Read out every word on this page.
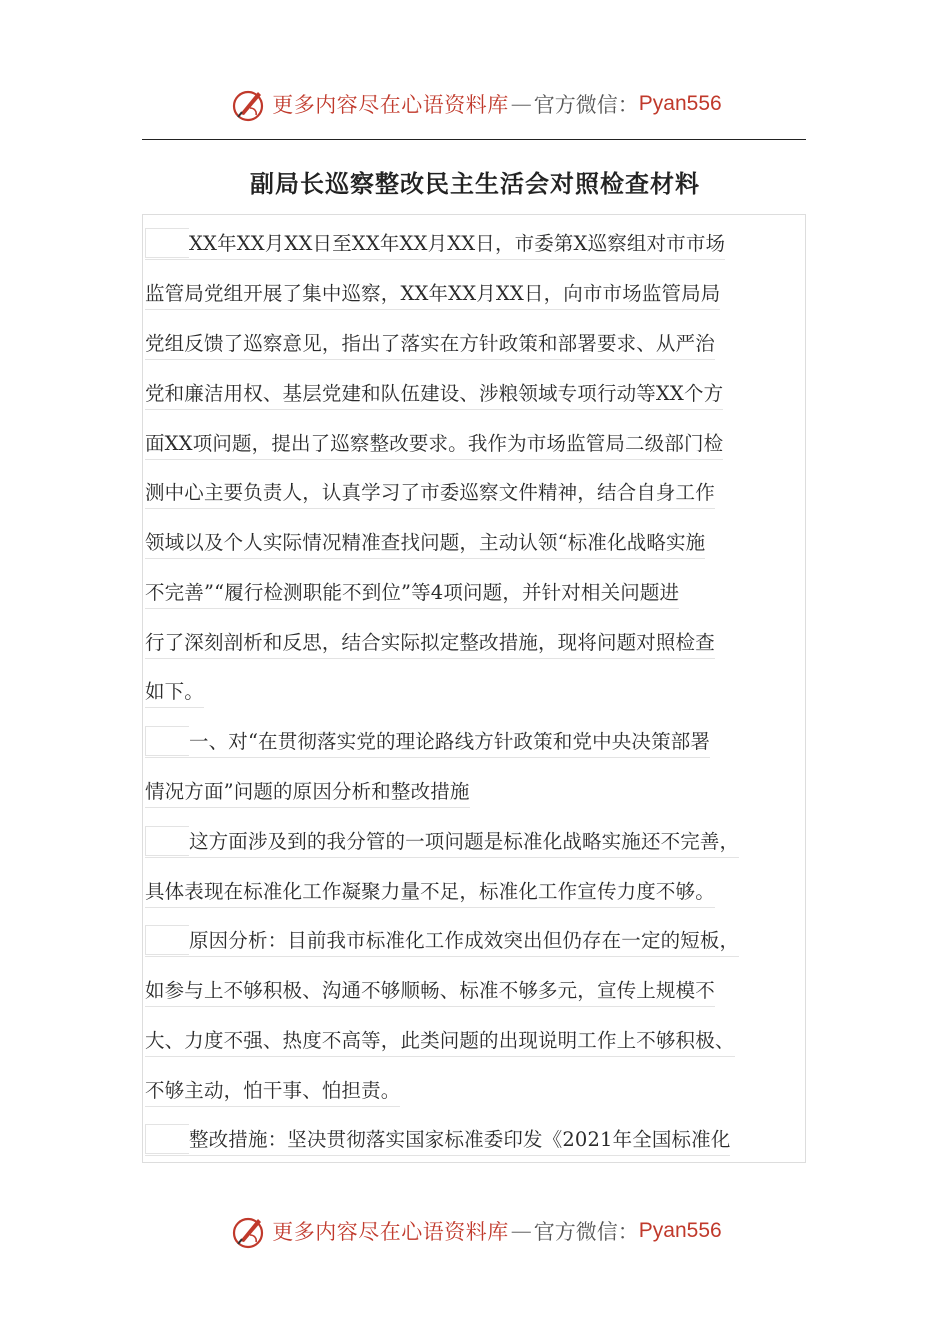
更多内容尽在心语资料库 — 官方微信： Pyan556
副局长巡察整改民主生活会对照检查材料
XX年XX月XX日至XX年XX月XX日，市委第X巡察组对市市场
监管局党组开展了集中巡察，XX年XX月XX日，向市市场监管局局
党组反馈了巡察意见，指出了落实在方针政策和部署要求、从严治
党和廉洁用权、基层党建和队伍建设、涉粮领域专项行动等XX个方
面XX项问题，提出了巡察整改要求。我作为市场监管局二级部门检
测中心主要负责人，认真学习了市委巡察文件精神，结合自身工作
领域以及个人实际情况精准查找问题，主动认领“标准化战略实施
不完善”“履行检测职能不到位”等4项问题，并针对相关问题进
行了深刻剖析和反思，结合实际拟定整改措施，现将问题对照检查
如下。
一、对“在贯彻落实党的理论路线方针政策和党中央决策部署
情况方面”问题的原因分析和整改措施
这方面涉及到的我分管的一项问题是标准化战略实施还不完善，
具体表现在标准化工作凝聚力量不足，标准化工作宣传力度不够。
原因分析：目前我市标准化工作成效突出但仍存在一定的短板，
如参与上不够积极、沟通不够顺畅、标准不够多元，宣传上规模不
大、力度不强、热度不高等，此类问题的出现说明工作上不够积极、
不够主动，怕干事、怕担责。
整改措施：坚决贯彻落实国家标准委印发《2021年全国标准化
更多内容尽在心语资料库 — 官方微信： Pyan556
